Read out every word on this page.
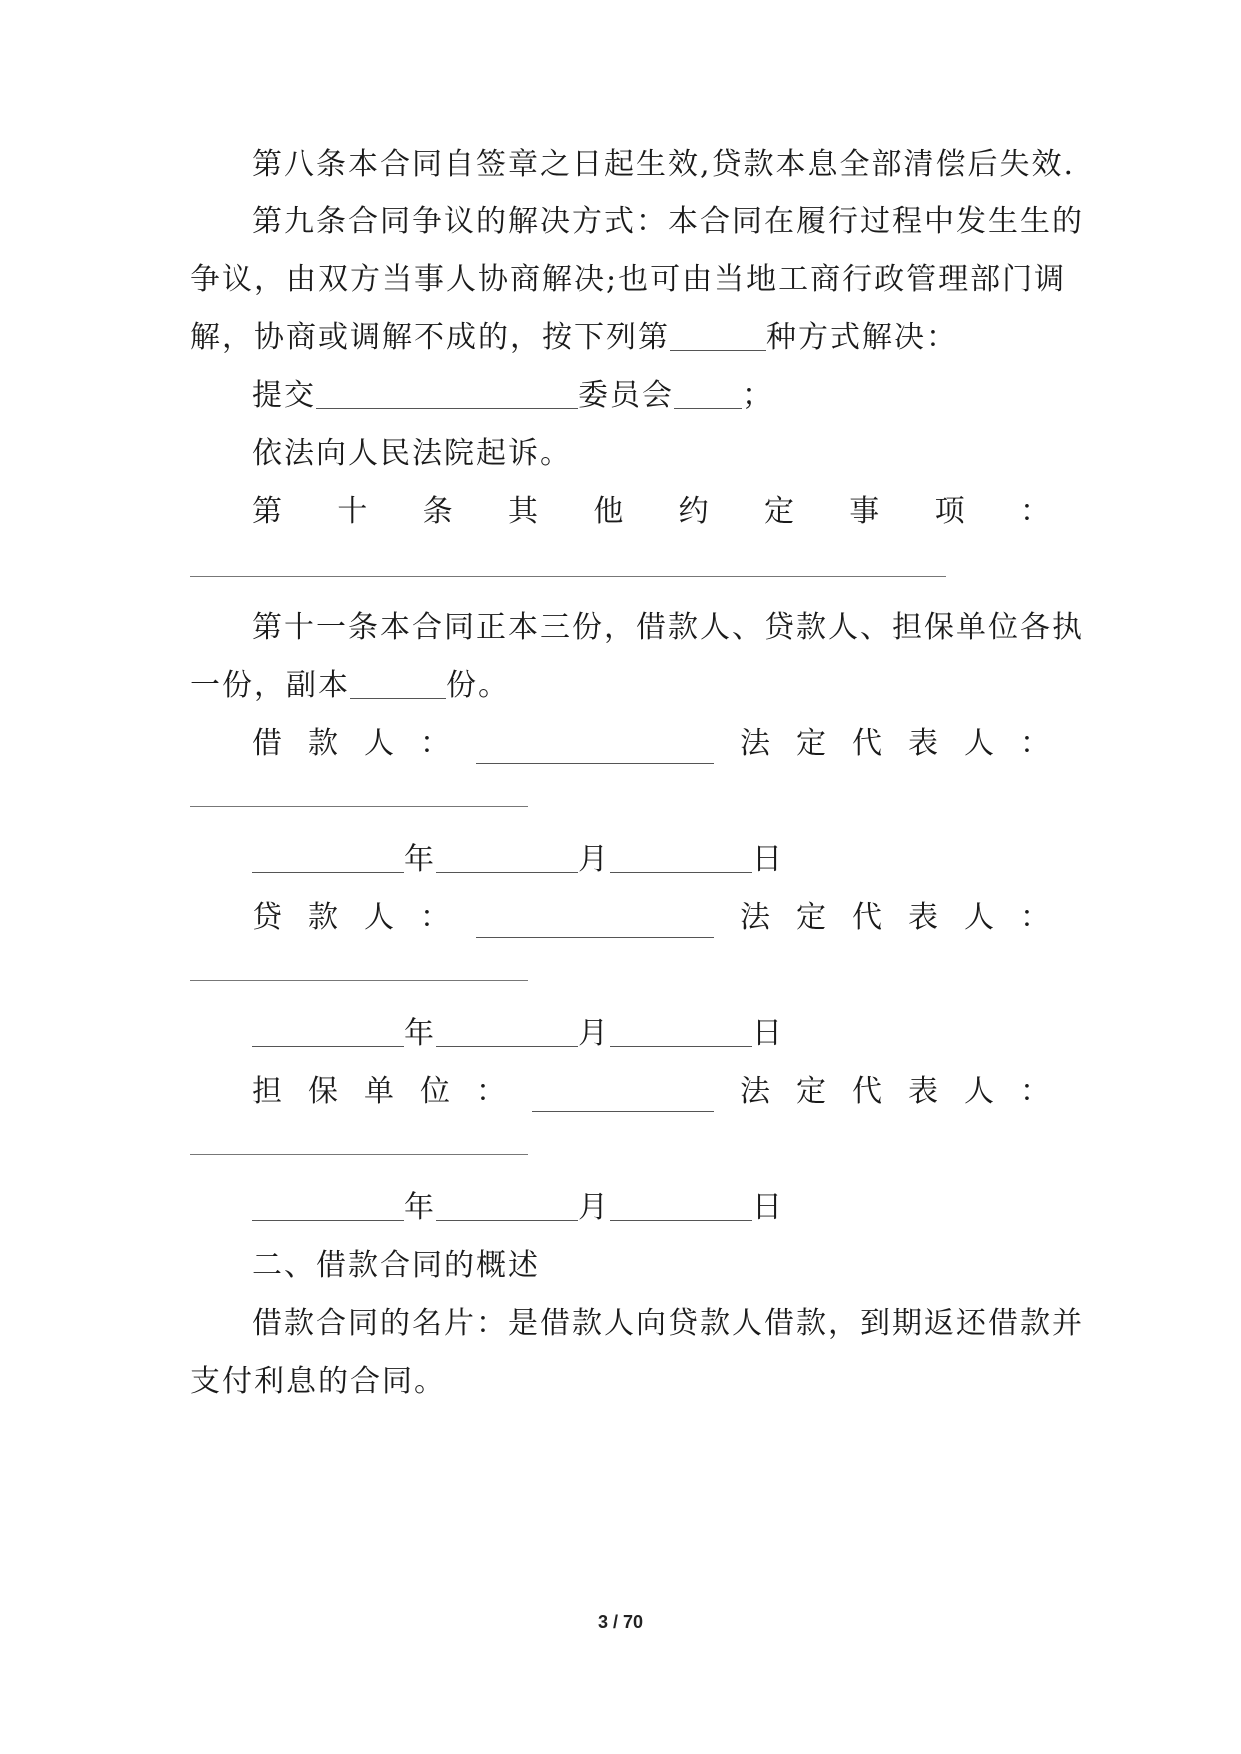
第八条本合同自签章之日起生效,贷款本息全部清偿后失效.
第九条合同争议的解决方式：本合同在履行过程中发生生的
争议，由双方当事人协商解决;也可由当地工商行政管理部门调
解，协商或调解不成的，按下列第	种方式解决：
提交	委员会 ；
依法向人民法院起诉。
第 十 条 其 他 约 定 事 项 ：
第十一条本合同正本三份，借款人、贷款人、担保单位各执
一份，副本	份。
借 款 人 ：	法 定 代 表 人 ：
年	月	日
贷 款 人 ：	法 定 代 表 人 ：
年	月	日
担 保 单 位 ：	法 定 代 表 人 ：
年	月	日
二、借款合同的概述
借款合同的名片：是借款人向贷款人借款，到期返还借款并
支付利息的合同。
3 / 70
